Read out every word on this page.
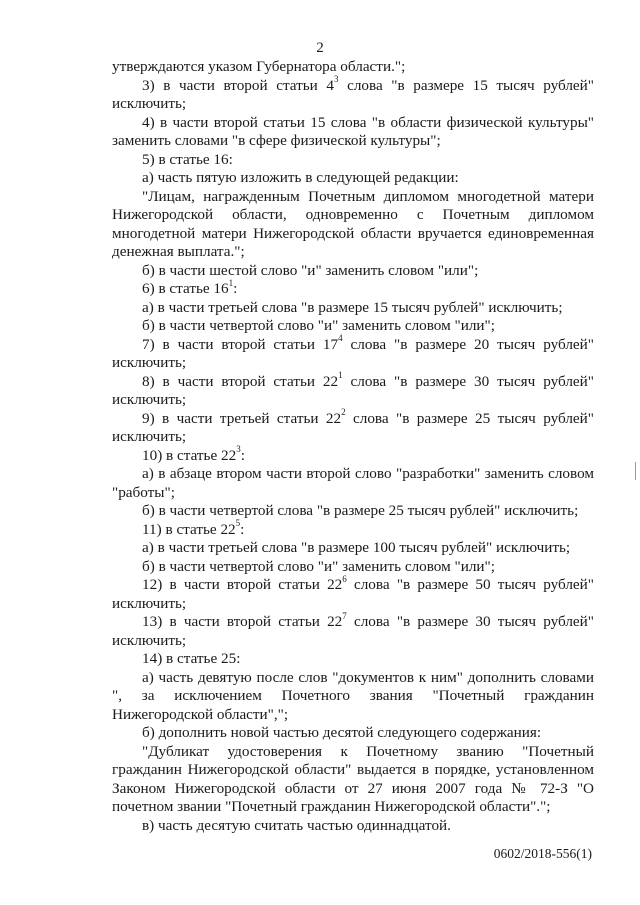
2

утверждаются указом Губернатора области.";

3) в части второй статьи $4^3$ слова "в размере 15 тысяч рублей" исключить;

4) в части второй статьи 15 слова "в области физической культуры" заменить словами "в сфере физической культуры";

5) в статье 16:

а) часть пятую изложить в следующей редакции:

"Лицам, награжденным Почетным дипломом многодетной матери Нижегородской области, одновременно с Почетным дипломом многодетной матери Нижегородской области вручается единовременная денежная выплата.";

б) в части шестой слово "и" заменить словом "или";

6) в статье $16^1$:

а) в части третьей слова "в размере 15 тысяч рублей" исключить;

б) в части четвертой слово "и" заменить словом "или";

7) в части второй статьи $17^4$ слова "в размере 20 тысяч рублей" исключить;

8) в части второй статьи $22^1$ слова "в размере 30 тысяч рублей" исключить;

9) в части третьей статьи $22^2$ слова "в размере 25 тысяч рублей" исключить;

10) в статье $22^3$:

а) в абзаце втором части второй слово "разработки" заменить словом "работы";

б) в части четвертой слова "в размере 25 тысяч рублей" исключить;

11) в статье $22^5$:

а) в части третьей слова "в размере 100 тысяч рублей" исключить;

б) в части четвертой слово "и" заменить словом "или";

12) в части второй статьи $22^6$ слова "в размере 50 тысяч рублей" исключить;

13) в части второй статьи $22^7$ слова "в размере 30 тысяч рублей" исключить;

14) в статье 25:

а) часть девятую после слов "документов к ним" дополнить словами ", за исключением Почетного звания "Почетный гражданин Нижегородской области",";

б) дополнить новой частью десятой следующего содержания:

"Дубликат удостоверения к Почетному званию "Почетный гражданин Нижегородской области" выдается в порядке, установленном Законом Нижегородской области от 27 июня 2007 года № 72-З "О почетном звании "Почетный гражданин Нижегородской области".";

в) часть десятую считать частью одиннадцатой.

0602/2018-556(1)
